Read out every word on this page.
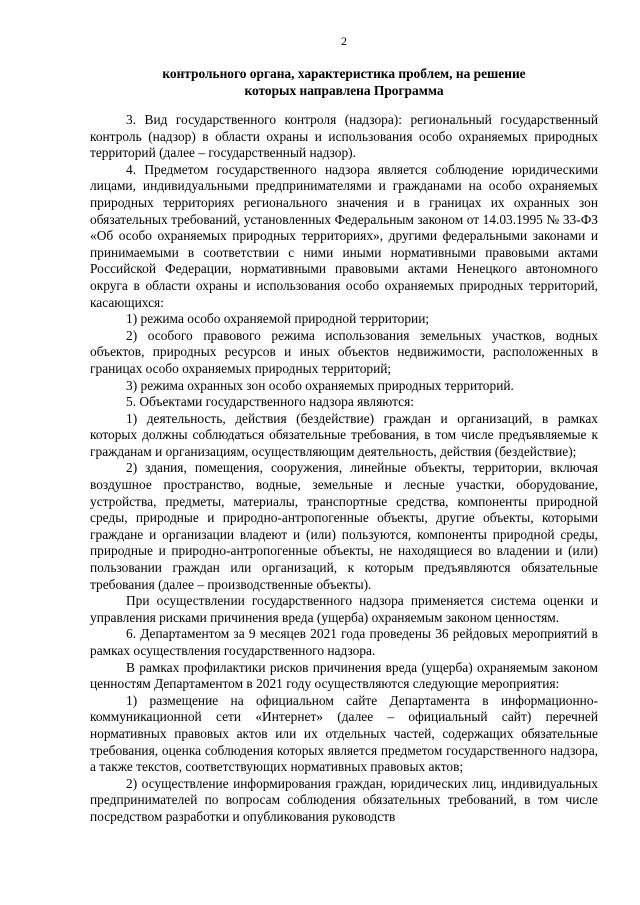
2
контрольного органа, характеристика проблем, на решение
которых направлена Программа

3. Вид государственного контроля (надзора): региональный государственный контроль (надзор) в области охраны и использования особо охраняемых природных территорий (далее – государственный надзор).

4. Предметом государственного надзора является соблюдение юридическими лицами, индивидуальными предпринимателями и гражданами на особо охраняемых природных территориях регионального значения и в границах их охранных зон обязательных требований, установленных Федеральным законом от 14.03.1995 № 33-ФЗ «Об особо охраняемых природных территориях», другими федеральными законами и принимаемыми в соответствии с ними иными нормативными правовыми актами Российской Федерации, нормативными правовыми актами Ненецкого автономного округа в области охраны и использования особо охраняемых природных территорий, касающихся:

1) режима особо охраняемой природной территории;

2) особого правового режима использования земельных участков, водных объектов, природных ресурсов и иных объектов недвижимости, расположенных в границах особо охраняемых природных территорий;

3) режима охранных зон особо охраняемых природных территорий.

5. Объектами государственного надзора являются:

1) деятельность, действия (бездействие) граждан и организаций, в рамках которых должны соблюдаться обязательные требования, в том числе предъявляемые к гражданам и организациям, осуществляющим деятельность, действия (бездействие);

2) здания, помещения, сооружения, линейные объекты, территории, включая воздушное пространство, водные, земельные и лесные участки, оборудование, устройства, предметы, материалы, транспортные средства, компоненты природной среды, природные и природно-антропогенные объекты, другие объекты, которыми граждане и организации владеют и (или) пользуются, компоненты природной среды, природные и природно-антропогенные объекты, не находящиеся во владении и (или) пользовании граждан или организаций, к которым предъявляются обязательные требования (далее – производственные объекты).

При осуществлении государственного надзора применяется система оценки и управления рисками причинения вреда (ущерба) охраняемым законом ценностям.

6. Департаментом за 9 месяцев 2021 года проведены 36 рейдовых мероприятий в рамках осуществления государственного надзора.

В рамках профилактики рисков причинения вреда (ущерба) охраняемым законом ценностям Департаментом в 2021 году осуществляются следующие мероприятия:

1) размещение на официальном сайте Департамента в информационно-коммуникационной сети «Интернет» (далее – официальный сайт) перечней нормативных правовых актов или их отдельных частей, содержащих обязательные требования, оценка соблюдения которых является предметом государственного надзора, а также текстов, соответствующих нормативных правовых актов;

2) осуществление информирования граждан, юридических лиц, индивидуальных предпринимателей по вопросам соблюдения обязательных требований, в том числе посредством разработки и опубликования руководств
